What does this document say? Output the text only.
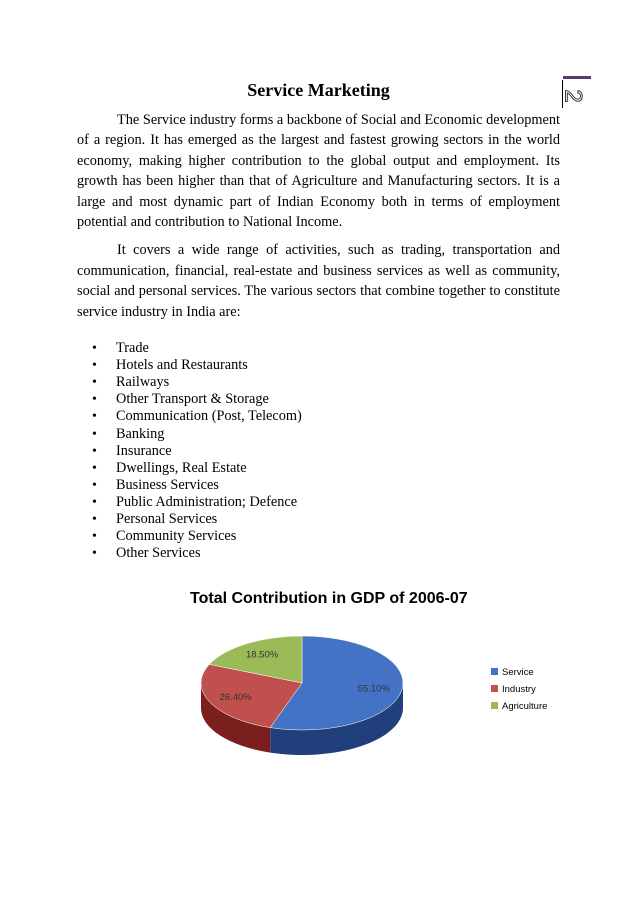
2
Service Marketing

The Service industry forms a backbone of Social and Economic development of a region. It has emerged as the largest and fastest growing sectors in the world economy, making higher contribution to the global output and employment. Its growth has been higher than that of Agriculture and Manufacturing sectors. It is a large and most dynamic part of Indian Economy both in terms of employment potential and contribution to National Income.

It covers a wide range of activities, such as trading, transportation and communication, financial, real-estate and business services as well as community, social and personal services. The various sectors that combine together to constitute service industry in India are:

• Trade
• Hotels and Restaurants
• Railways
• Other Transport & Storage
• Communication (Post, Telecom)
• Banking
• Insurance
• Dwellings, Real Estate
• Business Services
• Public Administration; Defence
• Personal Services
• Community Services
• Other Services
Total Contribution in GDP of 2006-07
55.10%
26.40%
18.50%
Service
Industry
Agriculture
